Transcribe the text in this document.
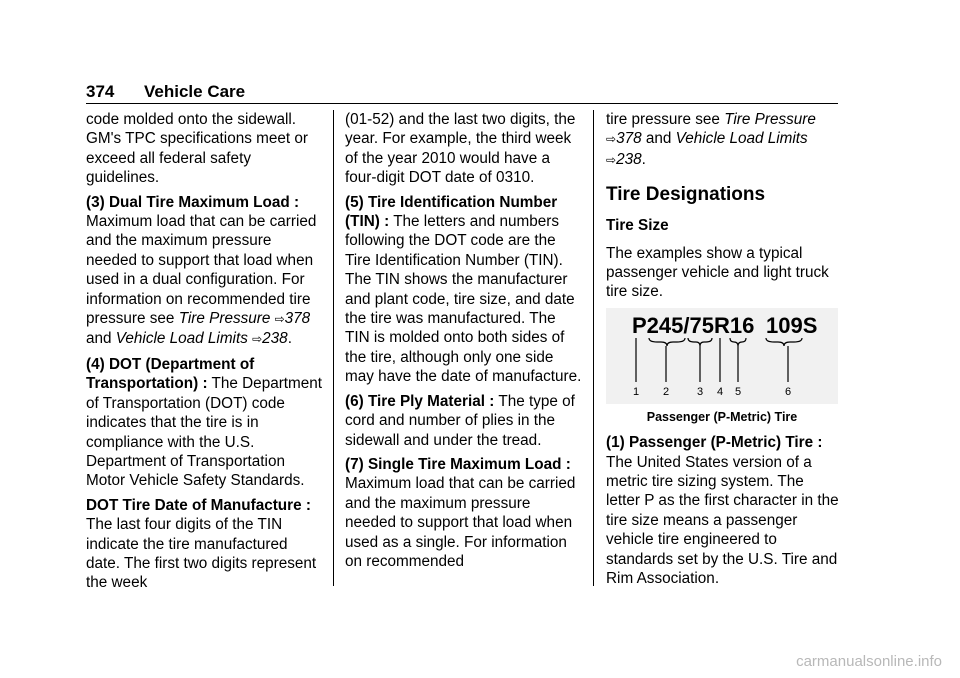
374 Vehicle Care

code molded onto the sidewall. GM's TPC specifications meet or exceed all federal safety guidelines.

(3) Dual Tire Maximum Load : Maximum load that can be carried and the maximum pressure needed to support that load when used in a dual configuration. For information on recommended tire pressure see Tire Pressure ⇨378 and Vehicle Load Limits ⇨238.

(4) DOT (Department of Transportation) : The Department of Transportation (DOT) code indicates that the tire is in compliance with the U.S. Department of Transportation Motor Vehicle Safety Standards.

DOT Tire Date of Manufacture : The last four digits of the TIN indicate the tire manufactured date. The first two digits represent the week

(01-52) and the last two digits, the year. For example, the third week of the year 2010 would have a four-digit DOT date of 0310.

(5) Tire Identification Number (TIN) : The letters and numbers following the DOT code are the Tire Identification Number (TIN). The TIN shows the manufacturer and plant code, tire size, and date the tire was manufactured. The TIN is molded onto both sides of the tire, although only one side may have the date of manufacture.

(6) Tire Ply Material : The type of cord and number of plies in the sidewall and under the tread.

(7) Single Tire Maximum Load : Maximum load that can be carried and the maximum pressure needed to support that load when used as a single. For information on recommended

tire pressure see Tire Pressure ⇨378 and Vehicle Load Limits ⇨238.

Tire Designations
Tire Size

The examples show a typical passenger vehicle and light truck tire size.

P245/75R16 109S
1 2	3 4 5	6
Passenger (P-Metric) Tire

(1) Passenger (P-Metric) Tire : The United States version of a metric tire sizing system. The letter P as the first character in the tire size means a passenger vehicle tire engineered to standards set by the U.S. Tire and Rim Association.

carmanualsonline.info
